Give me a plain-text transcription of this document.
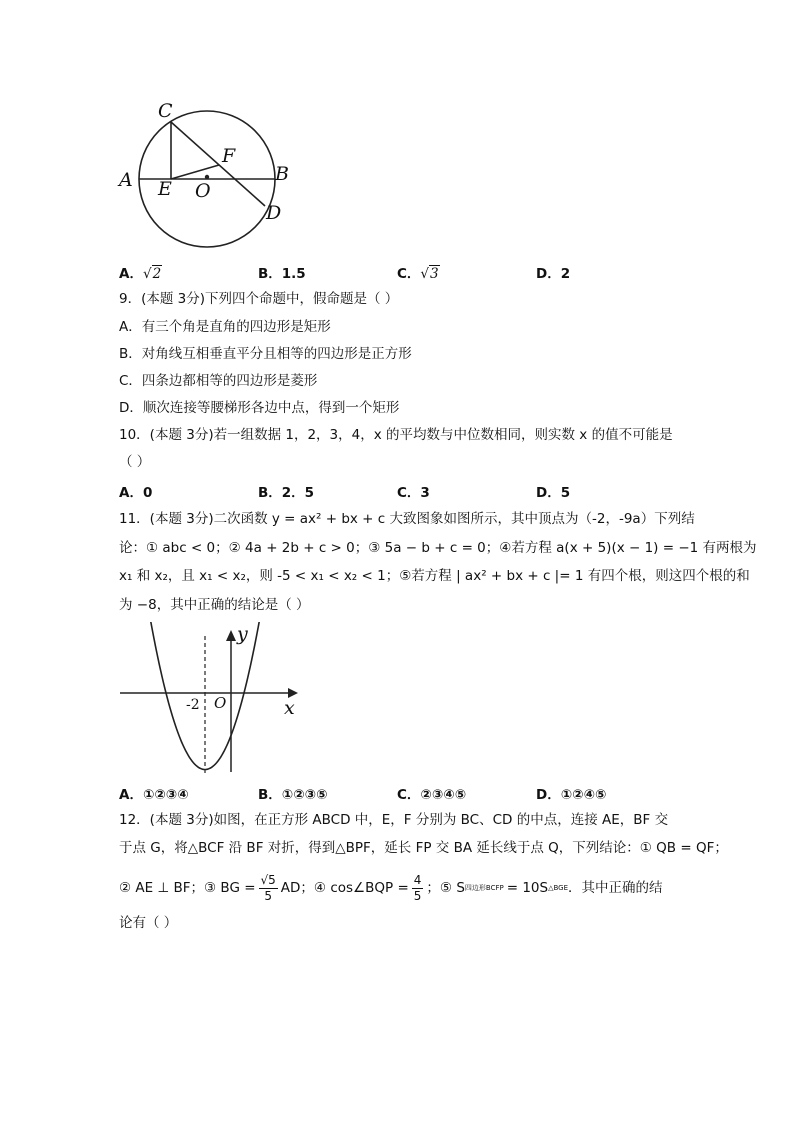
C
F
A E O
B
D
A．√2	B．1.5	C．√3	D．2
9．(本题 3分)下列四个命题中，假命题是（ ）
A．有三个角是直角的四边形是矩形
B．对角线互相垂直平分且相等的四边形是正方形
C．四条边都相等的四边形是菱形
D．顺次连接等腰梯形各边中点，得到一个矩形
10．(本题 3分)若一组数据 1，2，3，4，x 的平均数与中位数相同，则实数 x 的值不可能是
（ ）
A．0	B．2．5	C．3	D．5
11．(本题 3分)二次函数 y = ax² + bx + c 大致图象如图所示，其中顶点为（-2，-9a）下列结
论：① abc < 0；② 4a + 2b + c > 0；③ 5a − b + c = 0；④若方程 a(x + 5)(x − 1) = −1 有两根为
x₁ 和 x₂，且 x₁ < x₂，则 -5 < x₁ < x₂ < 1；⑤若方程 | ax² + bx + c |= 1 有四个根，则这四个根的和
为 −8，其中正确的结论是（ ）
y
x
O
-2
A．①②③④	B．①②③⑤	C．②③④⑤	D．①②④⑤
12．(本题 3分)如图，在正方形 ABCD 中，E，F 分别为 BC、CD 的中点，连接 AE，BF 交
于点 G，将△BCF 沿 BF 对折，得到△BPF，延长 FP 交 BA 延长线于点 Q，下列结论：① QB = QF；
② AE ⊥ BF；③ BG = $\frac{√5}{5}$ AD；④ cos∠BQP = $\frac{4}{5}$ ；⑤ S 四边形BCFP = 10S △BGE ．其中正确的结
论有（ ）
